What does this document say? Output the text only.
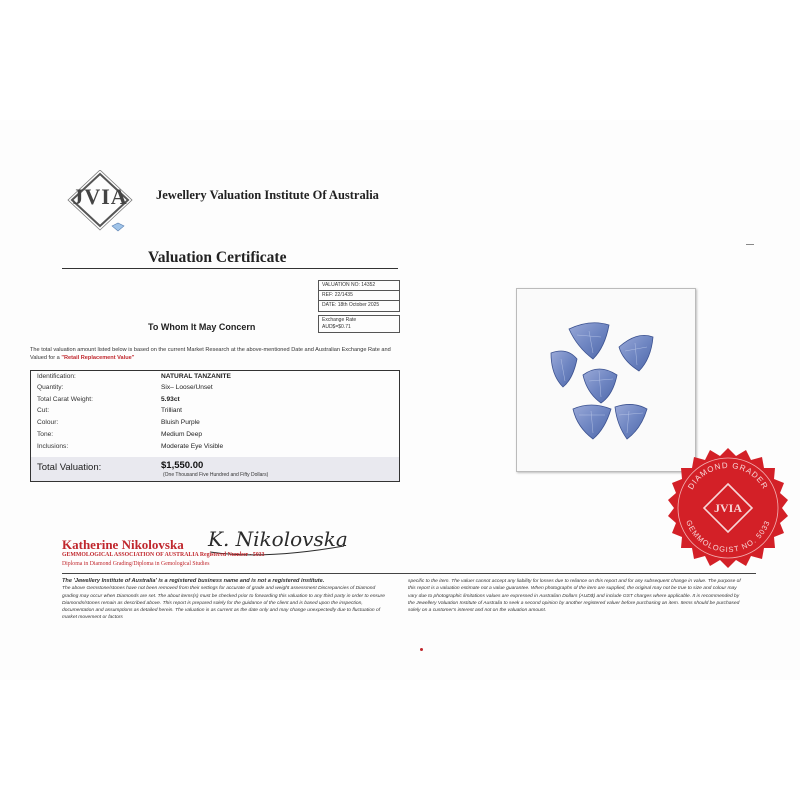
JVIA	Jewellery Valuation Institute Of Australia
Valuation Certificate
VALUATION NO: 14352
REF: 22/1435
DATE: 18th October 2025
Exchange Rate
AUD$=$0.71
To Whom It May Concern
The total valuation amount listed below is based on the current Market Research at the above-mentioned Date and Australian Exchange Rate and Valued for a "Retail Replacement Value"
Identification:	NATURAL TANZANITE
Quantity:	Six– Loose/Unset
Total Carat Weight:	5.93ct
Cut:	Trilliant
Colour:	Bluish Purple
Tone:	Medium Deep
Inclusions:	Moderate Eye Visible
Total Valuation:	$1,550.00
(One Thousand Five Hundred and Fifty Dollars)
DIAMOND GRADER
GEMMOLOGIST NO. 5033
JVIA
Katherine Nikolovska K. Nikolovska
GEMMOLOGICAL ASSOCIATION OF AUSTRALIA Registered Number - 5033
Diploma in Diamond Grading/Diploma in Gemological Studies
The 'Jewellery Institute of Australia' is a registered business name and is not a registered institute.
The above Gemstone/stones have not been removed from their settings for accurate of grade and weight assessment Discrepancies of Diamond grading may occur when Diamonds are set. The about items(s) must be checked prior to forwarding this valuation to any third party in order to ensure Diamonds/stones remain as described above. This report is prepared solely for the guidance of the client and is based upon the inspection, documentation and assumptions as detailed herein. The valuation is as current as the date only and may change unexpectedly due to fluctuation of market movement or factors
specific to the item. The valuer cannot accept any liability for losses due to reliance on this report and for any subsequent change in value. The purpose of this report is a valuation estimate not a value guarantee. When photographs of the item are supplied, the original may not be true to size and colour may vary due to photographic limitations values are expressed in Australian Dollars (AUD$) and include GST charges where applicable. It is recommended by the Jewellery Valuation Institute of Australia to seek a second opinion by another registered valuer before purchasing an item. Items should be purchased solely on a customer's interest and not on the valuation amount.
